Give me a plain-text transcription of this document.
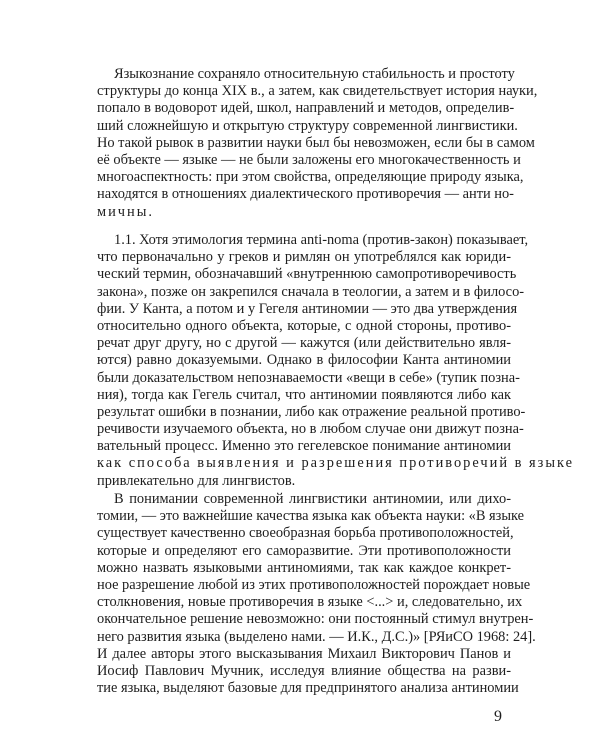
Языкознание сохраняло относительную стабильность и простоту
структуры до конца XIX в., а затем, как свидетельствует история науки,
попало в водоворот идей, школ, направлений и методов, определив-
ший сложнейшую и открытую структуру современной лингвистики.
Но такой рывок в развитии науки был бы невозможен, если бы в самом
её объекте — языке — не были заложены его многокачественность и
многоаспектность: при этом свойства, определяющие природу языка,
находятся в отношениях диалектического противоречия — анти но-
мичны.
1.1. Хотя этимология термина anti-noma (против-закон) показывает,
что первоначально у греков и римлян он употреблялся как юриди-
ческий термин, обозначавший «внутреннюю самопротиворечивость
закона», позже он закрепился сначала в теологии, а затем и в филосо-
фии. У Канта, а потом и у Гегеля антиномии — это два утверждения
относительно одного объекта, которые, с одной стороны, противо-
речат друг другу, но с другой — кажутся (или действительно явля-
ются) равно доказуемыми. Однако в философии Канта антиномии
были доказательством непознаваемости «вещи в себе» (тупик позна-
ния), тогда как Гегель считал, что антиномии появляются либо как
результат ошибки в познании, либо как отражение реальной противо-
речивости изучаемого объекта, но в любом случае они движут познa-
вательный процесс. Именно это гегелевское понимание антиномии
как способа выявления и разрешения противоречий в языке
привлекательно для лингвистов.
В понимании современной лингвистики антиномии, или дихо-
томии, — это важнейшие качества языка как объекта науки: «В языке
существует качественно своеобразная борьба противоположностей,
которые и определяют его саморазвитие. Эти противоположности
можно назвать языковыми антиномиями, так как каждое конкрет-
ное разрешение любой из этих противоположностей порождает новые
столкновения, новые противоречия в языке <...> и, следовательно, их
окончательное решение невозможно: они постоянный стимул внутрен-
него развития языка (выделено нами. — И.К., Д.С.)» [РЯиСО 1968: 24].
И далее авторы этого высказывания Михаил Викторович Панов и
Иосиф Павлович Мучник, исследуя влияние общества на разви-
тие языка, выделяют базовые для предпринятого анализа антиномии
9
